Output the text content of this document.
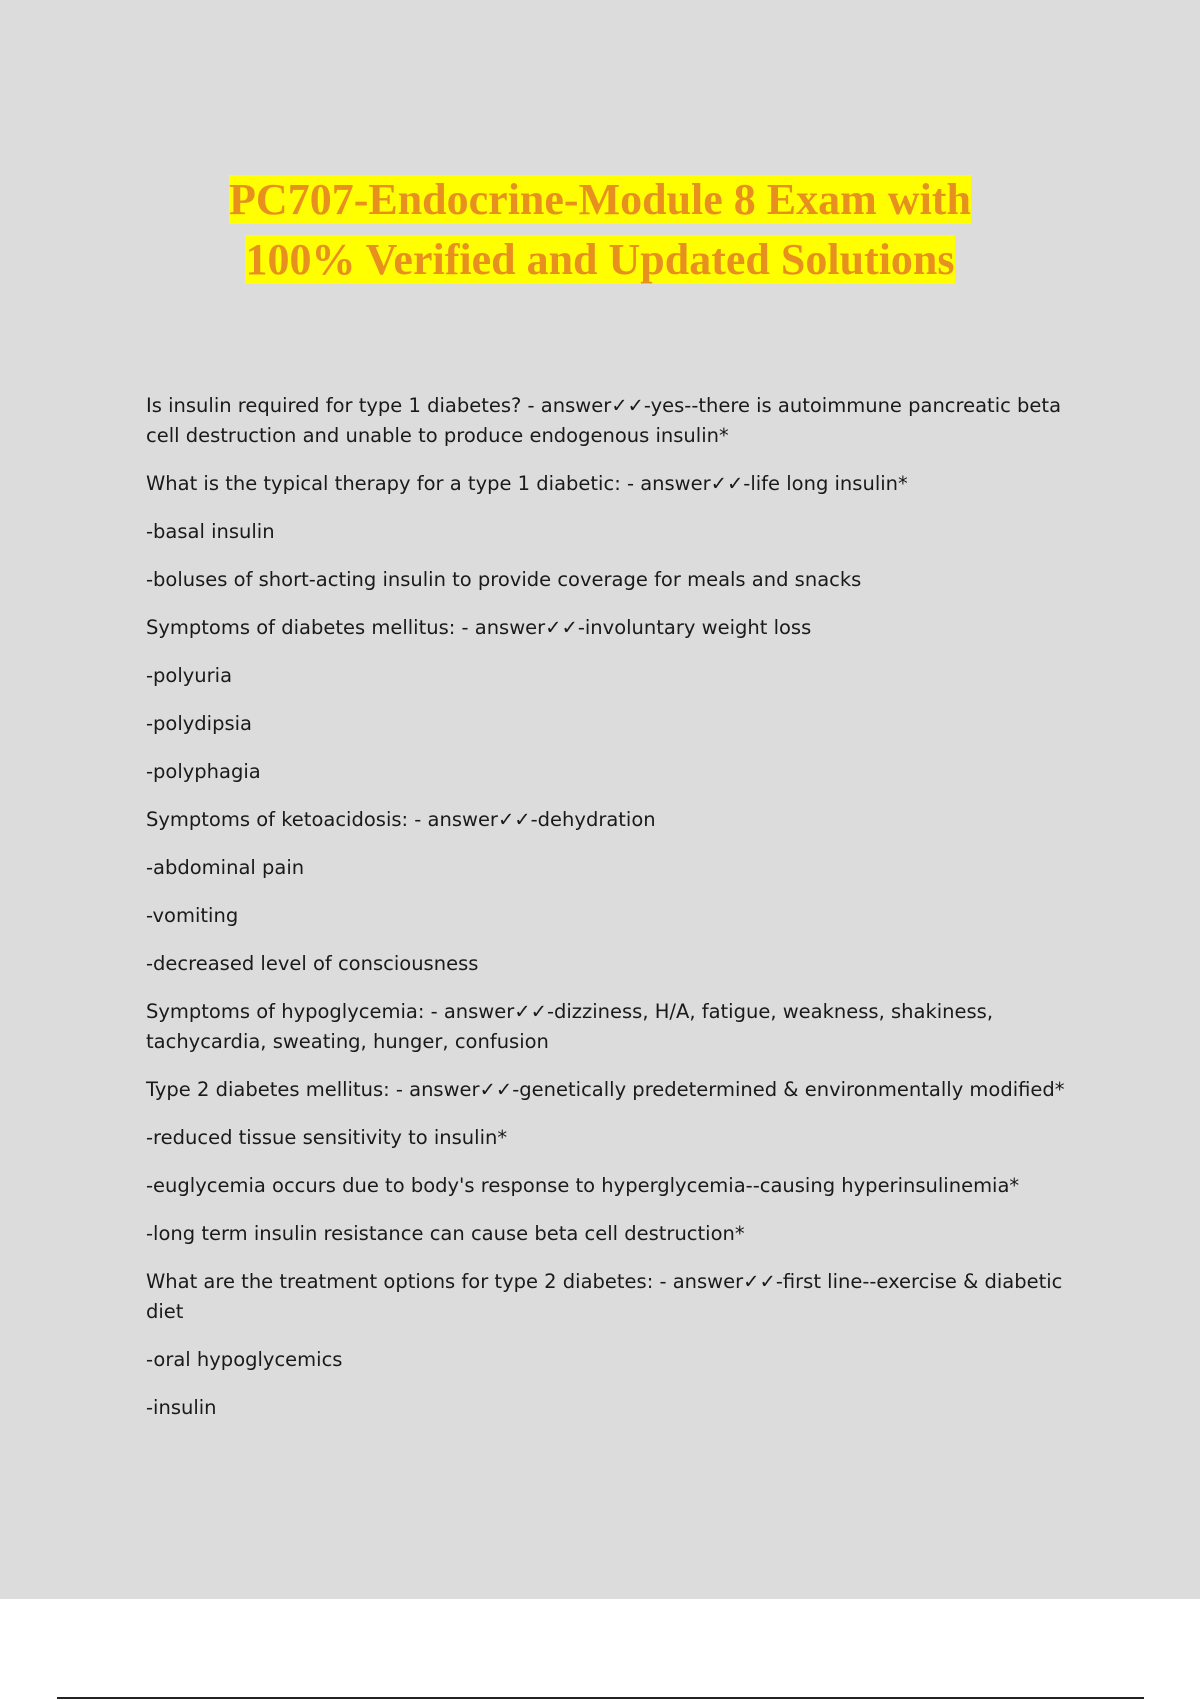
PC707-Endocrine-Module 8 Exam with
100% Verified and Updated Solutions

Is insulin required for type 1 diabetes? - answer✓✓-yes--there is autoimmune pancreatic beta cell destruction and unable to produce endogenous insulin*

What is the typical therapy for a type 1 diabetic: - answer✓✓-life long insulin*

-basal insulin

-boluses of short-acting insulin to provide coverage for meals and snacks

Symptoms of diabetes mellitus: - answer✓✓-involuntary weight loss

-polyuria

-polydipsia

-polyphagia

Symptoms of ketoacidosis: - answer✓✓-dehydration

-abdominal pain

-vomiting

-decreased level of consciousness

Symptoms of hypoglycemia: - answer✓✓-dizziness, H/A, fatigue, weakness, shakiness, tachycardia, sweating, hunger, confusion

Type 2 diabetes mellitus: - answer✓✓-genetically predetermined & environmentally modified*

-reduced tissue sensitivity to insulin*

-euglycemia occurs due to body's response to hyperglycemia--causing hyperinsulinemia*

-long term insulin resistance can cause beta cell destruction*

What are the treatment options for type 2 diabetes: - answer✓✓-first line--exercise & diabetic diet

-oral hypoglycemics

-insulin
